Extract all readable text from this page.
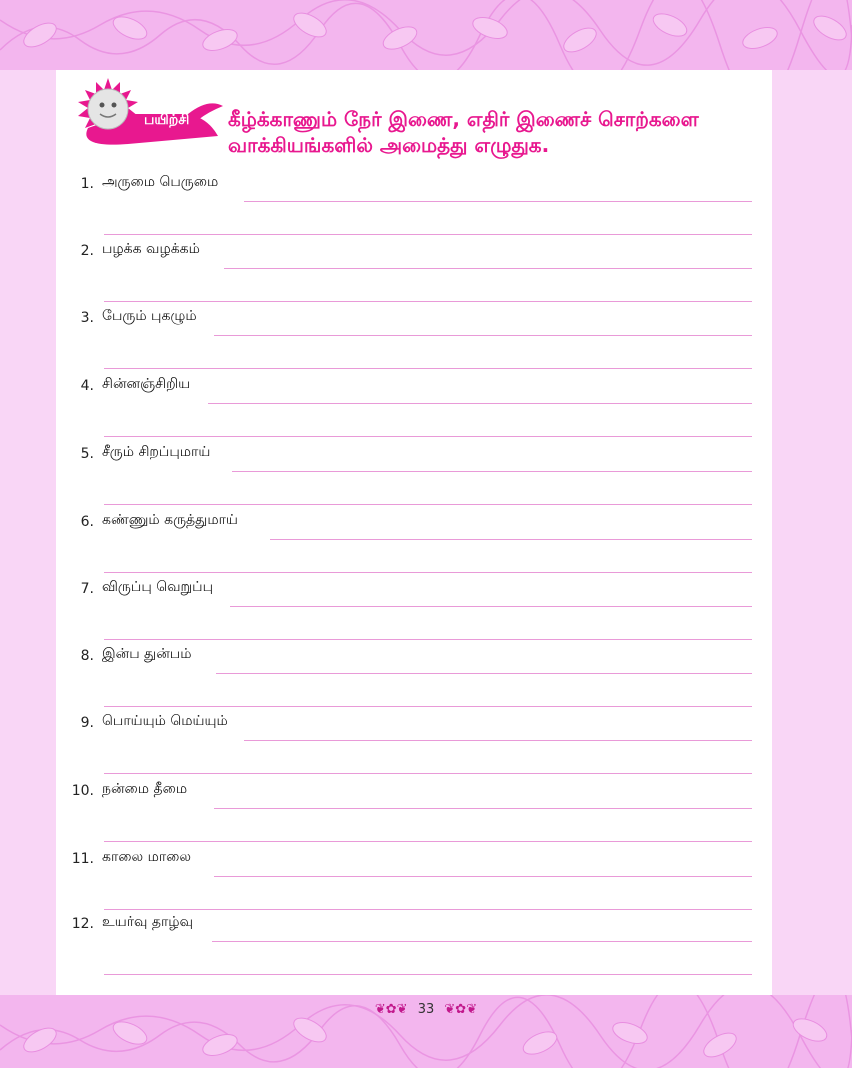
பயிற்சி கீழ்க்காணும் நேர் இணை, எதிர் இணைச் சொற்களை
வாக்கியங்களில் அமைத்து எழுதுக.
1. அருமை பெருமை
2. பழக்க வழக்கம்
3. பேரும் புகழும்
4. சின்னஞ்சிறிய
5. சீரும் சிறப்புமாய்
6. கண்ணும் கருத்துமாய்
7. விருப்பு வெறுப்பு
8. இன்ப துன்பம்
9. பொய்யும் மெய்யும்
10. நன்மை தீமை
11. காலை மாலை
12. உயர்வு தாழ்வு
❦✿❦ 33 ❦✿❦
